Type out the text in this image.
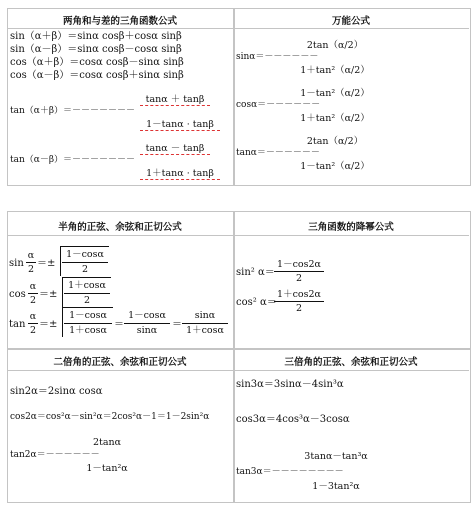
两角和与差的三角函数公式	万能公式
sin（α＋β）＝sinα cosβ＋cosα sinβ
sin（α－β）＝sinα cosβ－cosα sinβ
cos（α＋β）＝cosα cosβ－sinα sinβ
cos（α－β）＝cosα cosβ＋sinα sinβ
tanα ＋ tanβ
tan（α＋β）＝－－－－－－－
1－tanα · tanβ
tanα － tanβ
tan（α－β）＝－－－－－－－
1＋tanα · tanβ
2tan（α/2）
sinα＝－－－－－－
1＋tan²（α/2）
1－tan²（α/2）
cosα＝－－－－－－
1＋tan²（α/2）
2tan（α/2）
tanα＝－－－－－－
1－tan²（α/2）
半角的正弦、余弦和正切公式	三角函数的降幂公式
sin
α
2
＝±
1－cosα
2
cos
α
2
＝±
1＋cosα
2
tan
α
2
＝±
1－cosα
1＋cosα
＝
1－cosα
sinα
＝
sinα
1＋cosα
sin² α＝
1－cos2α
2
cos² α＝
1＋cos2α
2
二倍角的正弦、余弦和正切公式	三倍角的正弦、余弦和正切公式
sin2α＝2sinα cosα
cos2α＝cos²α－sin²α＝2cos²α－1＝1－2sin²α
2tanα
tan2α＝－－－－－－
1－tan²α
sin3α＝3sinα－4sin³α
cos3α＝4cos³α－3cosα
3tanα－tan³α
tan3α＝－－－－－－－－
1－3tan²α
